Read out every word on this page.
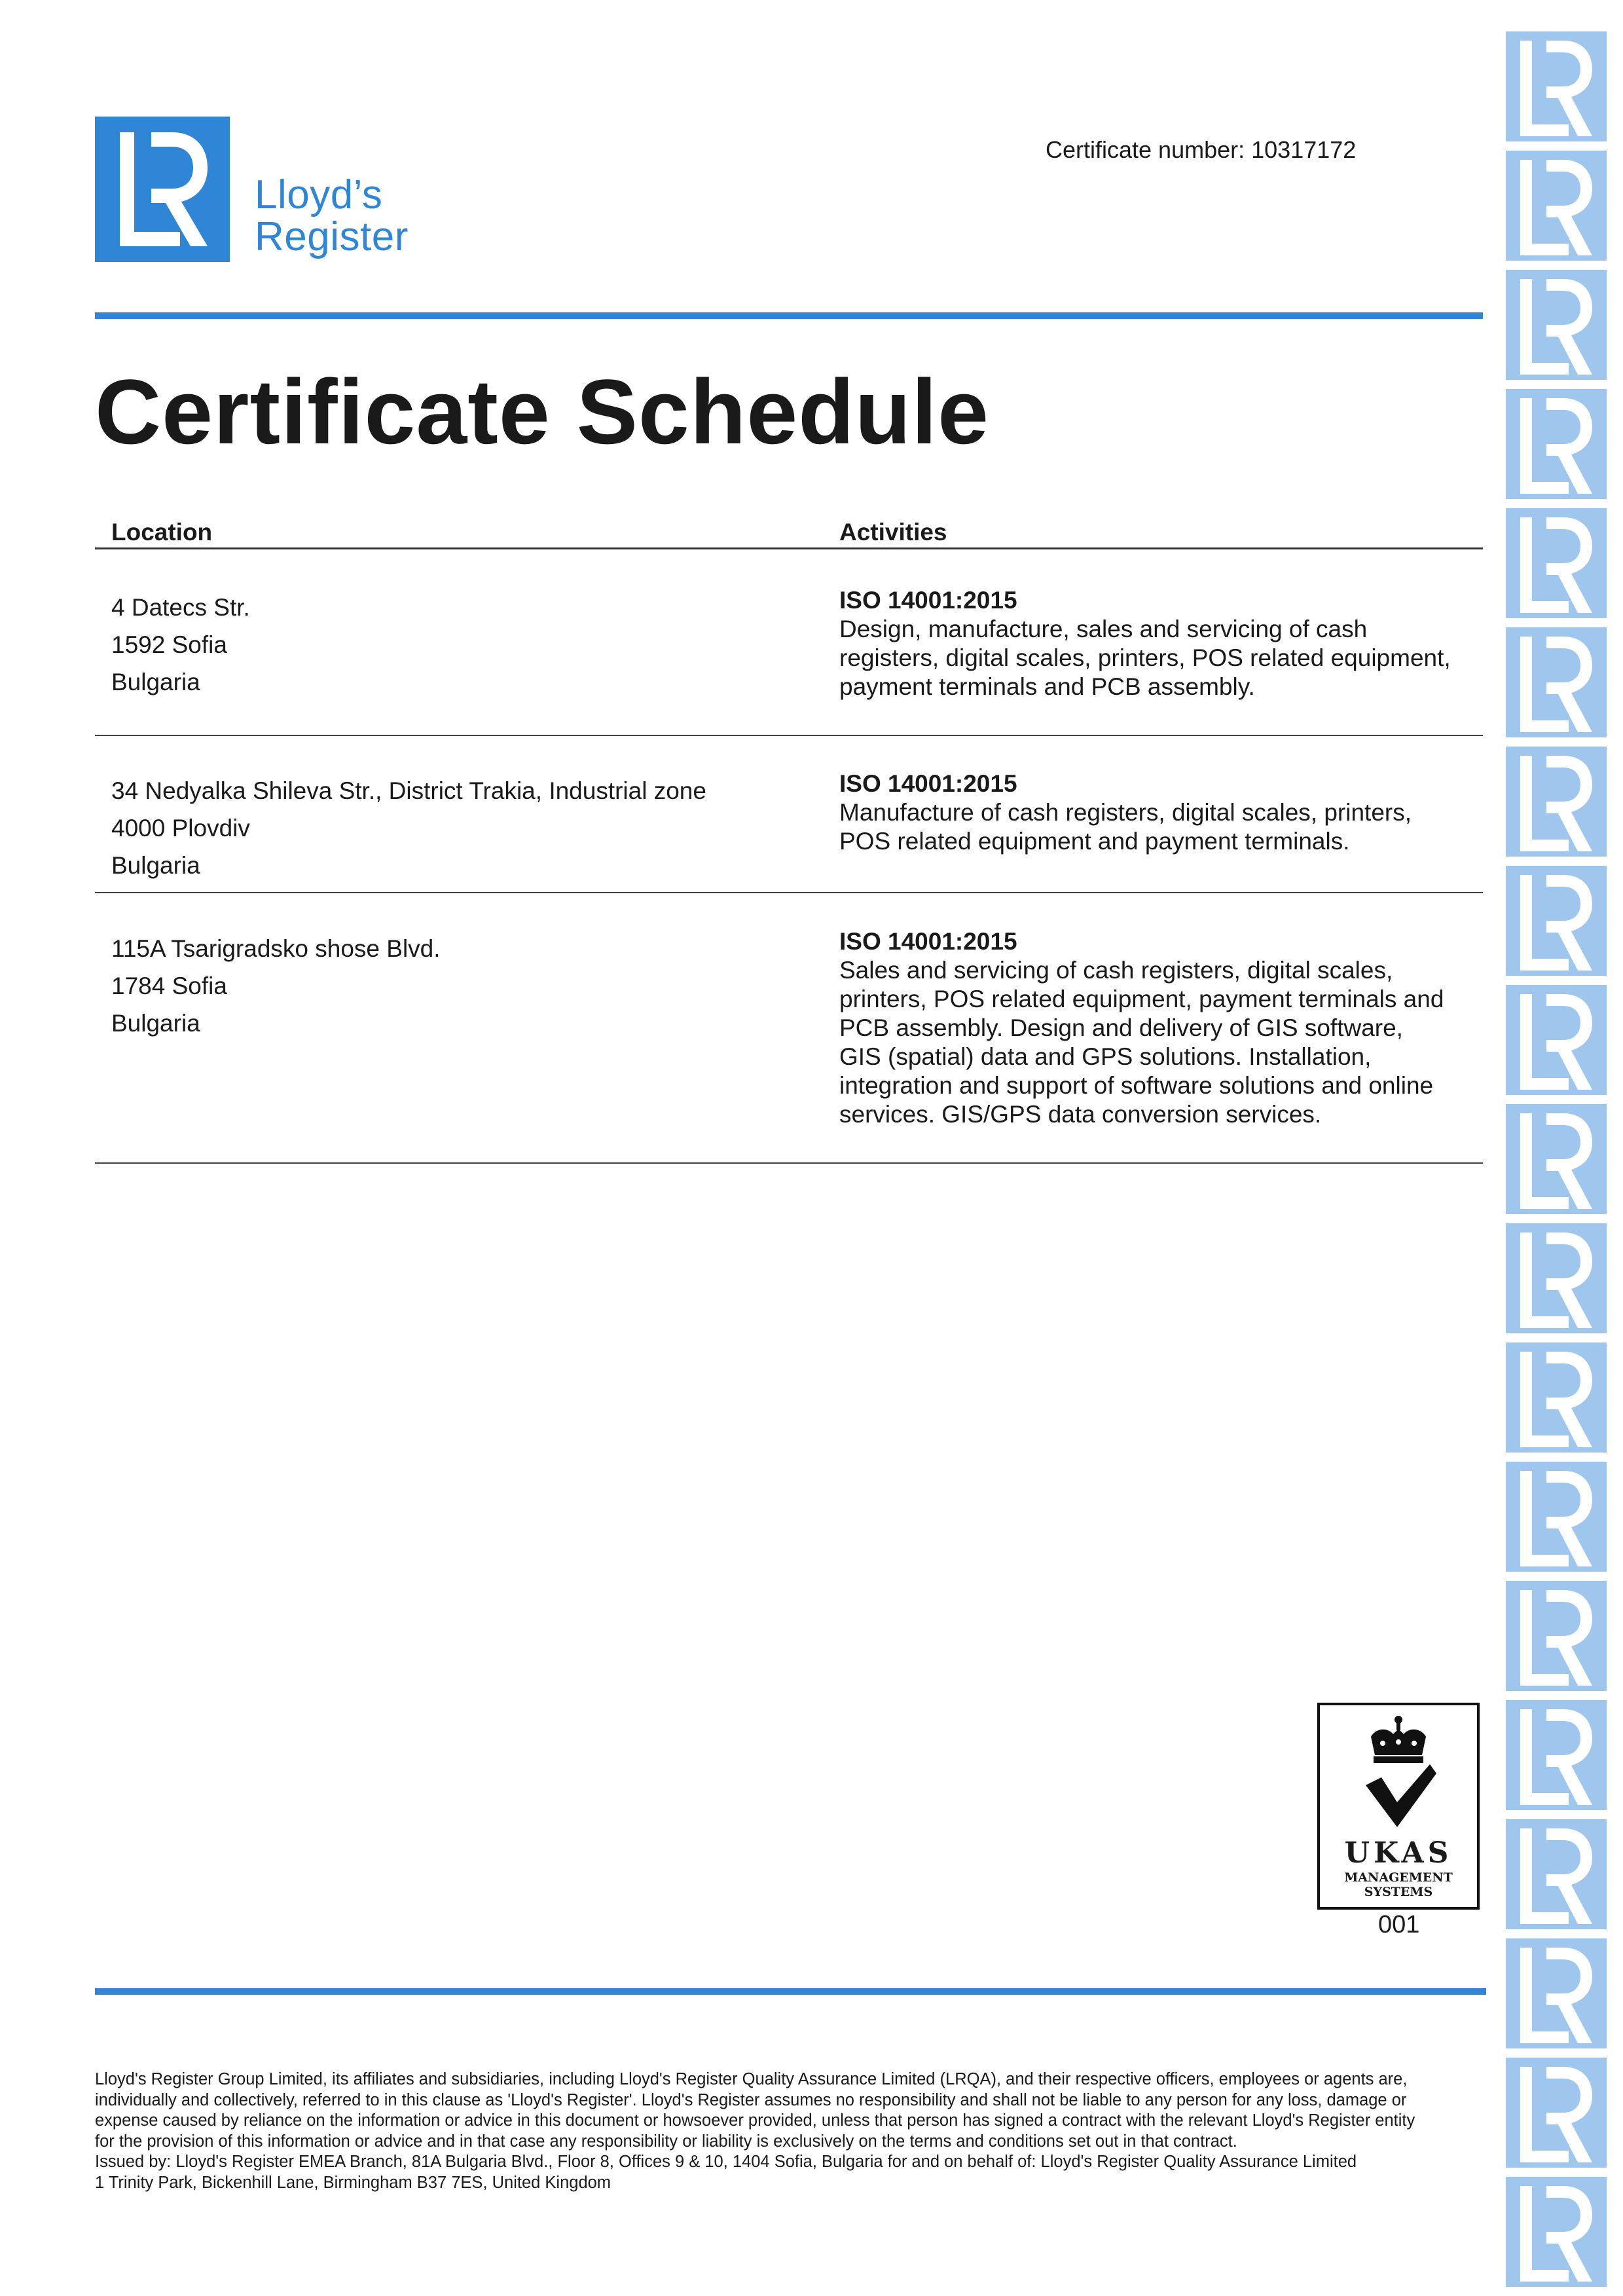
Lloyd’s
Register
Certificate number: 10317172
Certificate Schedule
Location	Activities
4 Datecs Str.
1592 Sofia
Bulgaria
ISO 14001:2015
Design, manufacture, sales and servicing of cash
registers, digital scales, printers, POS related equipment,
payment terminals and PCB assembly.
34 Nedyalka Shileva Str., District Trakia, Industrial zone
4000 Plovdiv
Bulgaria
ISO 14001:2015
Manufacture of cash registers, digital scales, printers,
POS related equipment and payment terminals.
115A Tsarigradsko shose Blvd.
1784 Sofia
Bulgaria
ISO 14001:2015
Sales and servicing of cash registers, digital scales,
printers, POS related equipment, payment terminals and
PCB assembly. Design and delivery of GIS software,
GIS (spatial) data and GPS solutions. Installation,
integration and support of software solutions and online
services. GIS/GPS data conversion services.
UKAS
MANAGEMENT
SYSTEMS
001

Lloyd's Register Group Limited, its affiliates and subsidiaries, including Lloyd's Register Quality Assurance Limited (LRQA), and their respective officers, employees or agents are,

individually and collectively, referred to in this clause as 'Lloyd's Register'. Lloyd's Register assumes no responsibility and shall not be liable to any person for any loss, damage or

expense caused by reliance on the information or advice in this document or howsoever provided, unless that person has signed a contract with the relevant Lloyd's Register entity

for the provision of this information or advice and in that case any responsibility or liability is exclusively on the terms and conditions set out in that contract.

Issued by: Lloyd's Register EMEA Branch, 81A Bulgaria Blvd., Floor 8, Offices 9 & 10, 1404 Sofia, Bulgaria for and on behalf of: Lloyd's Register Quality Assurance Limited

1 Trinity Park, Bickenhill Lane, Birmingham B37 7ES, United Kingdom
